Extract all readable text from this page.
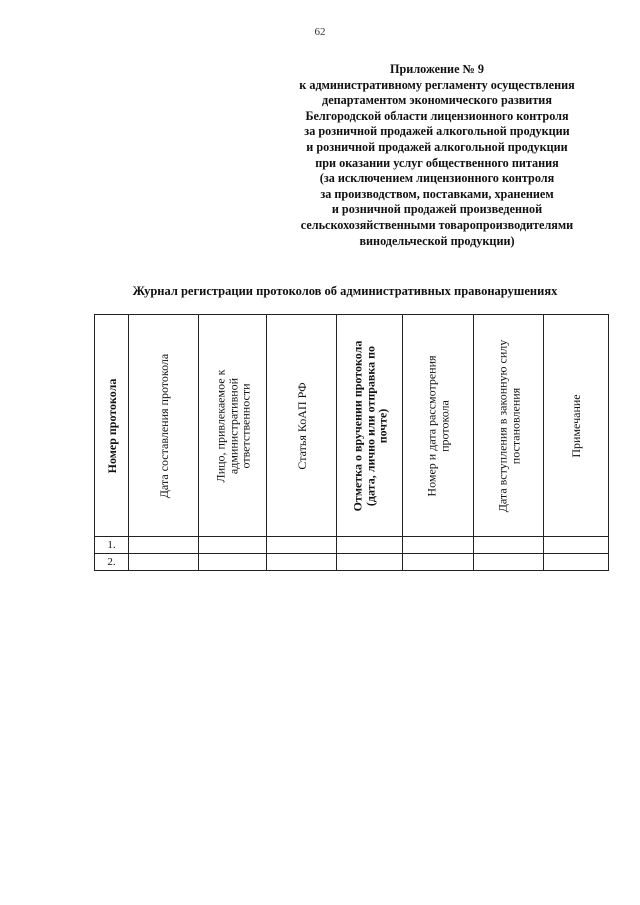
62
Приложение № 9
к административному регламенту осуществления
департаментом экономического развития
Белгородской области лицензионного контроля
за розничной продажей алкогольной продукции
и розничной продажей алкогольной продукции
при оказании услуг общественного питания
(за исключением лицензионного контроля
за производством, поставками, хранением
и розничной продажей произведенной
сельскохозяйственными товаропроизводителями
винодельческой продукции)
Журнал регистрации протоколов об административных правонарушениях
Номер протокола	Дата составления протокола	Лицо, привлекаемое к административной ответственности	Статья КоАП РФ	Отметка о вручении протокола (дата, лично или отправка по почте)	Номер и дата рассмотрения протокола	Дата вступления в законную силу постановления	Примечание

1.							
2.							
